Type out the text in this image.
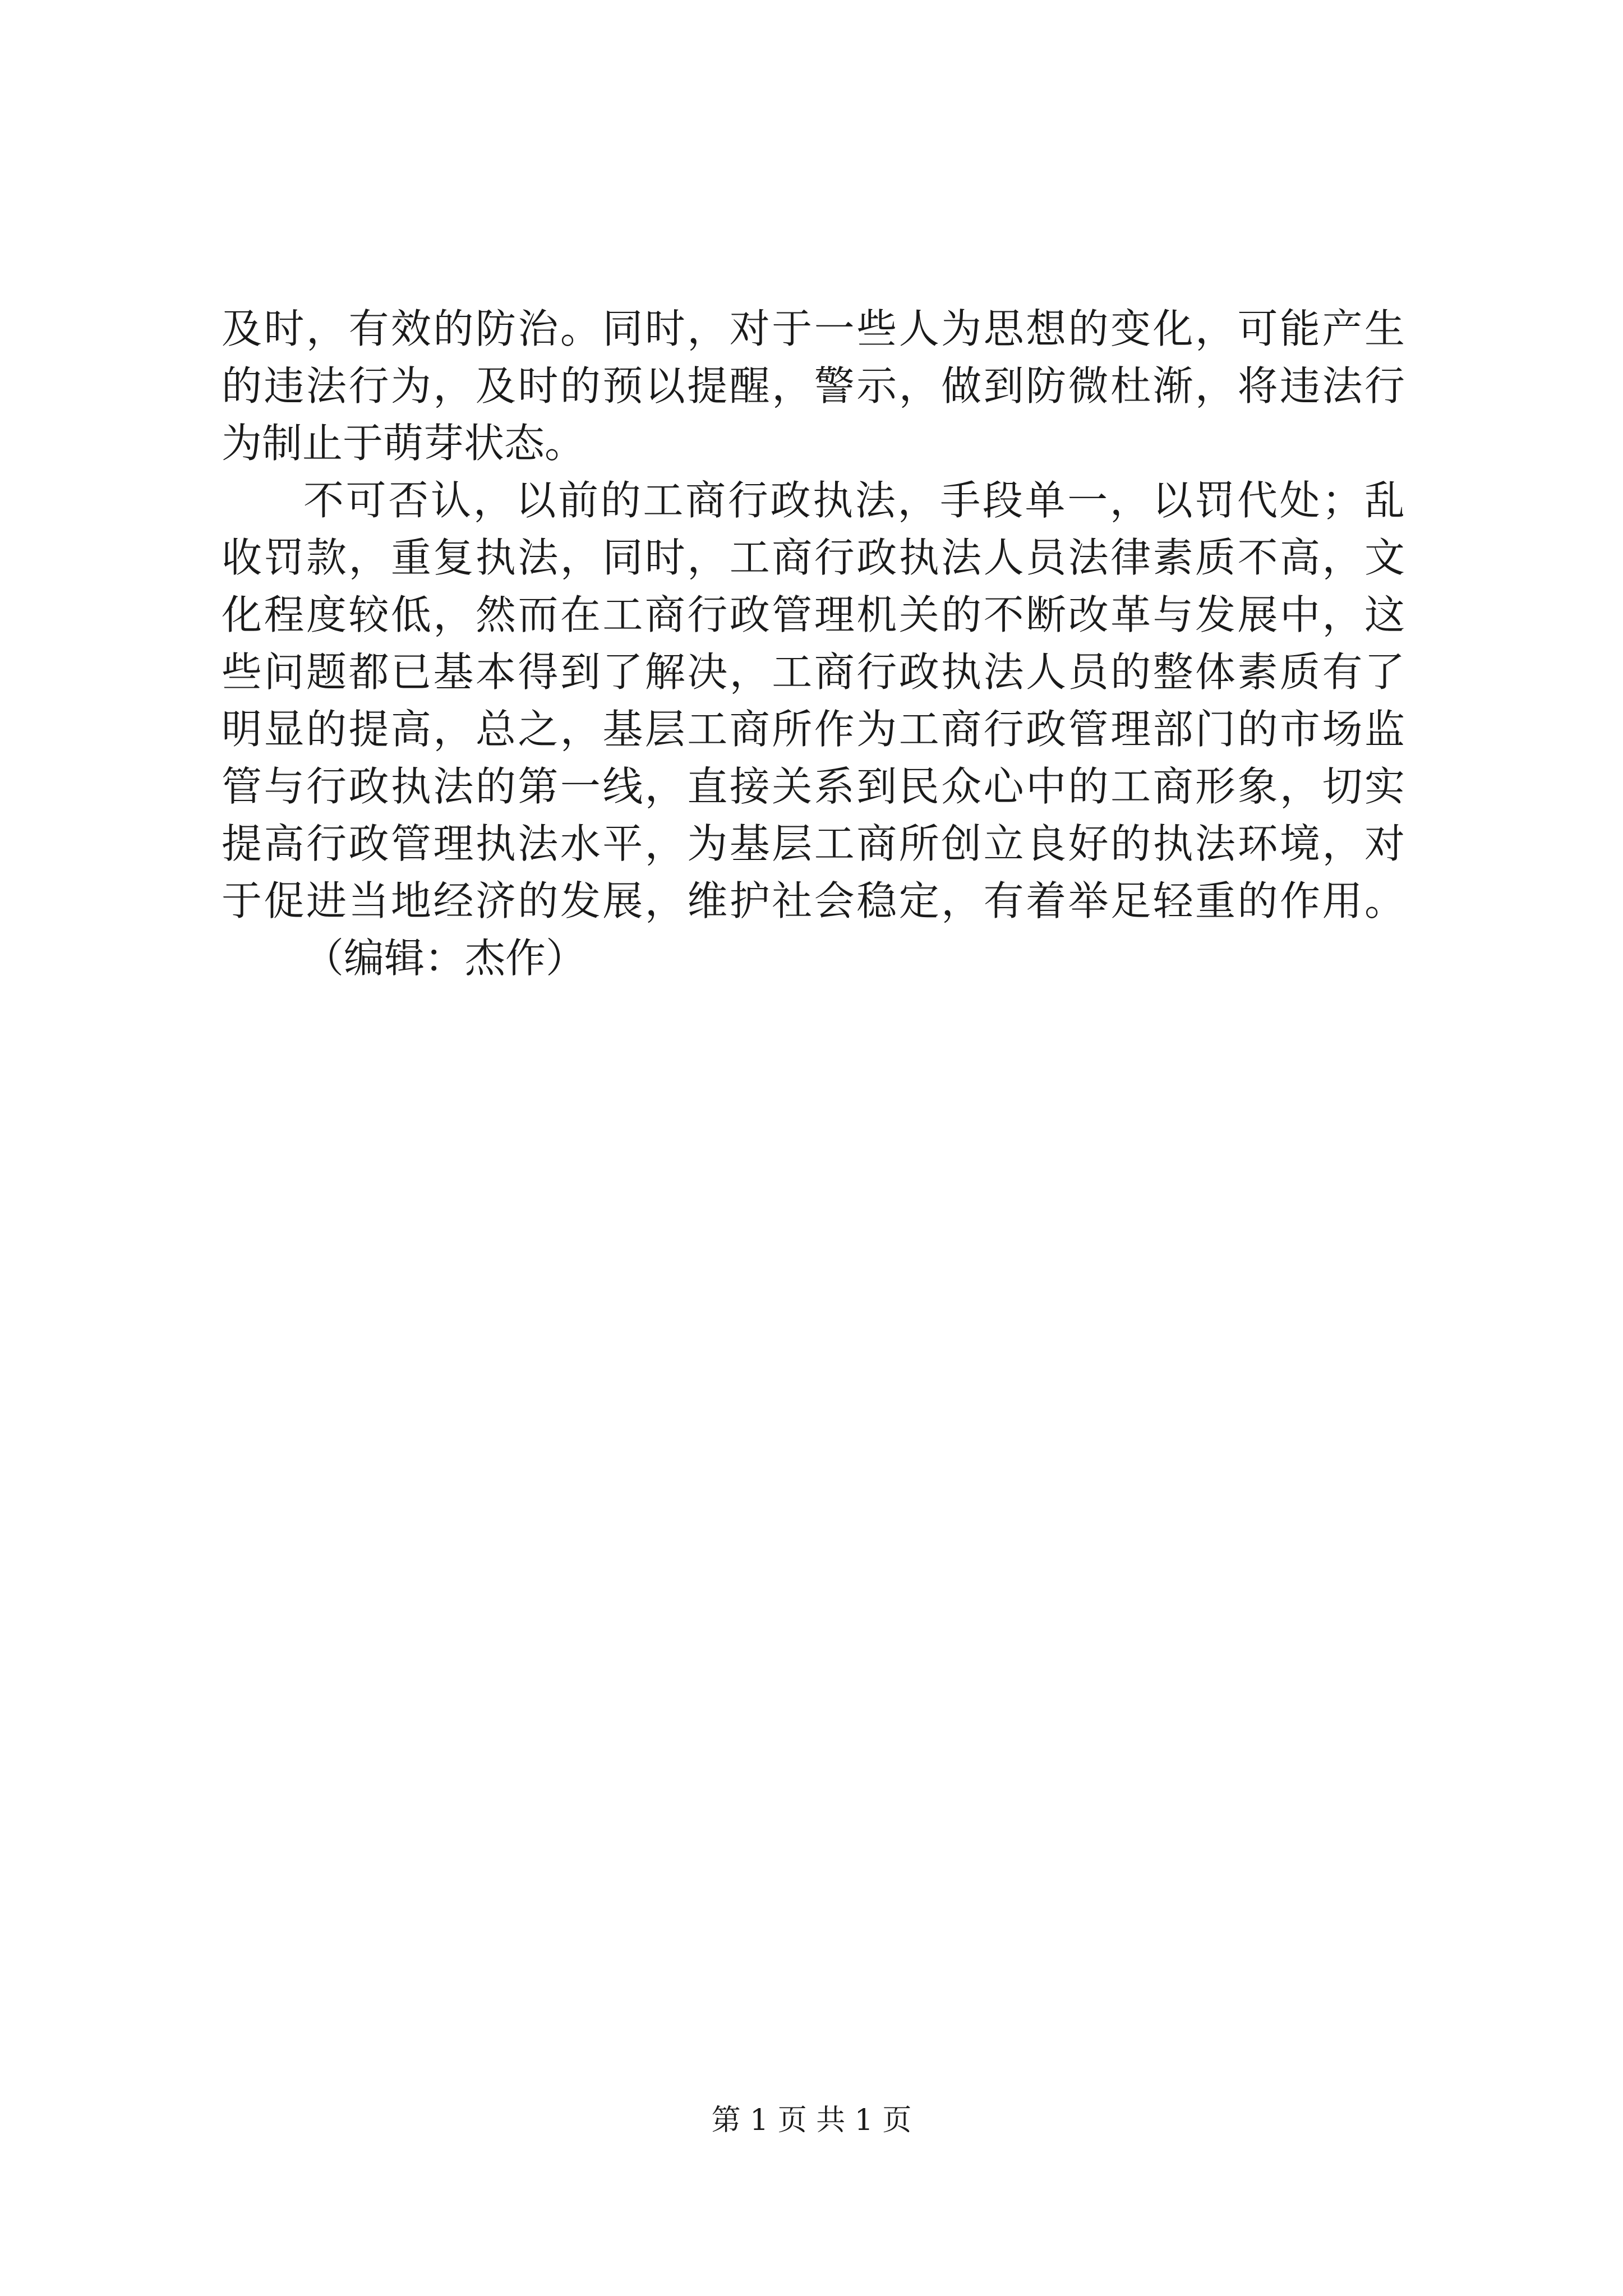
及时，有效的防治。同时，对于一些人为思想的变化，可能产生
的违法行为，及时的预以提醒，警示，做到防微杜渐，将违法行
为制止于萌芽状态。
不可否认，以前的工商行政执法，手段单一，以罚代处；乱
收罚款，重复执法，同时，工商行政执法人员法律素质不高，文
化程度较低，然而在工商行政管理机关的不断改革与发展中，这
些问题都已基本得到了解决，工商行政执法人员的整体素质有了
明显的提高，总之，基层工商所作为工商行政管理部门的市场监
管与行政执法的第一线，直接关系到民众心中的工商形象，切实
提高行政管理执法水平，为基层工商所创立良好的执法环境，对
于促进当地经济的发展，维护社会稳定，有着举足轻重的作用。
（编辑：杰作）
第 1 页 共 1 页
